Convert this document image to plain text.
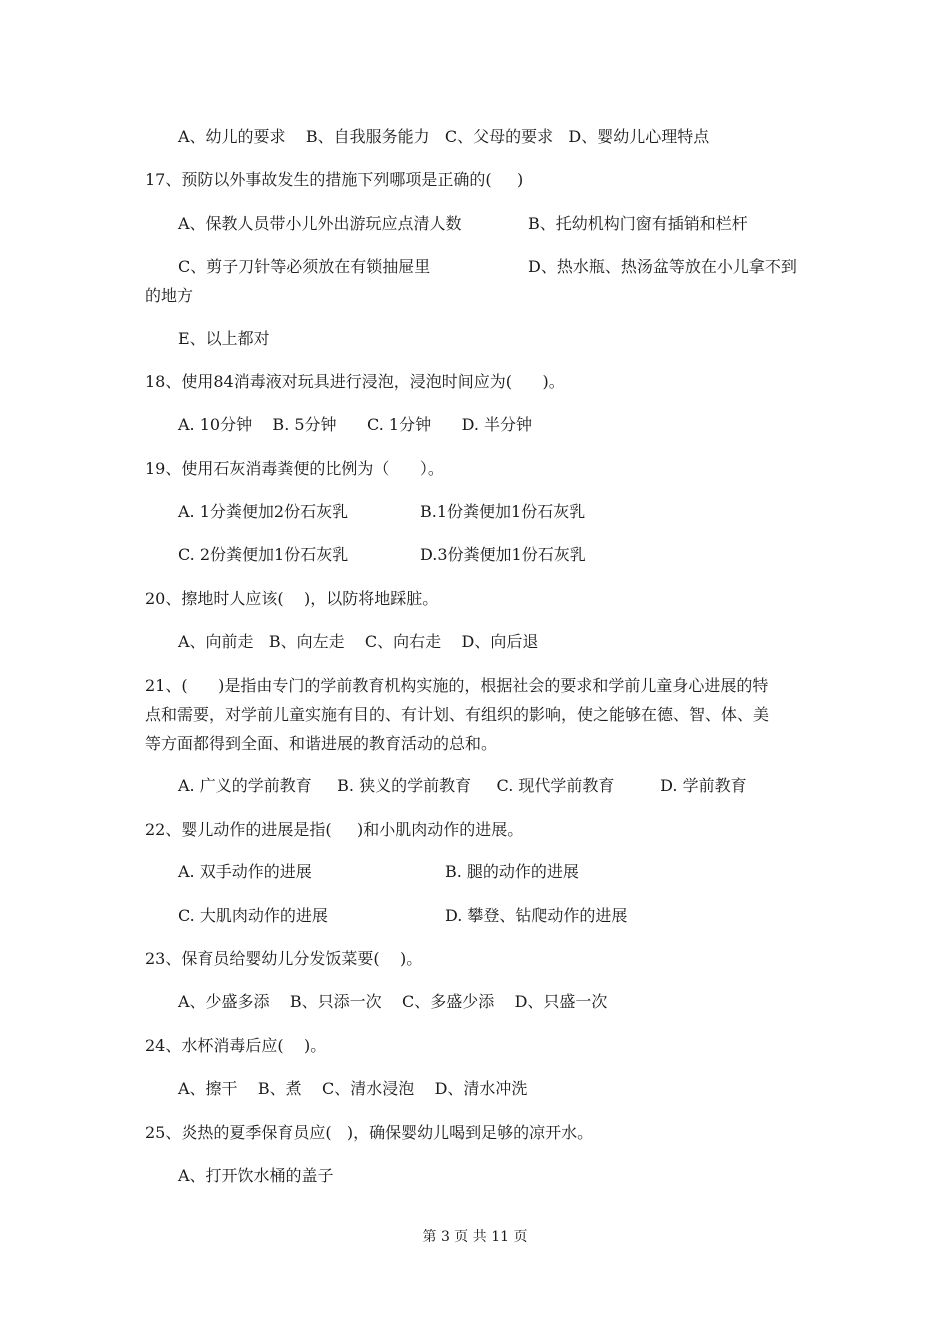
A、幼儿的要求    B、自我服务能力   C、父母的要求   D、婴幼儿心理特点
17、预防以外事故发生的措施下列哪项是正确的(     )
A、保教人员带小儿外出游玩应点清人数	B、托幼机构门窗有插销和栏杆
C、剪子刀针等必须放在有锁抽屉里	D、热水瓶、热汤盆等放在小儿拿不到
的地方
E、以上都对
18、使用84消毒液对玩具进行浸泡，浸泡时间应为(      )。
A. 10分钟    B. 5分钟      C. 1分钟      D. 半分钟
19、使用石灰消毒粪便的比例为（      ）。
A. 1分粪便加2份石灰乳	B.1份粪便加1份石灰乳
C. 2份粪便加1份石灰乳	D.3份粪便加1份石灰乳
20、擦地时人应该(    )，以防将地踩脏。
A、向前走   B、向左走    C、向右走    D、向后退
21、(      )是指由专门的学前教育机构实施的，根据社会的要求和学前儿童身心进展的特
点和需要，对学前儿童实施有目的、有计划、有组织的影响，使之能够在德、智、体、美
等方面都得到全面、和谐进展的教育活动的总和。
A. 广义的学前教育     B. 狭义的学前教育     C. 现代学前教育         D. 学前教育
22、婴儿动作的进展是指(     )和小肌肉动作的进展。
A. 双手动作的进展	B. 腿的动作的进展
C. 大肌肉动作的进展	D. 攀登、钻爬动作的进展
23、保育员给婴幼儿分发饭菜要(    )。
A、少盛多添    B、只添一次    C、多盛少添    D、只盛一次
24、水杯消毒后应(    )。
A、擦干    B、煮    C、清水浸泡    D、清水冲洗
25、炎热的夏季保育员应(   )，确保婴幼儿喝到足够的凉开水。
A、打开饮水桶的盖子
第 3 页 共 11 页
